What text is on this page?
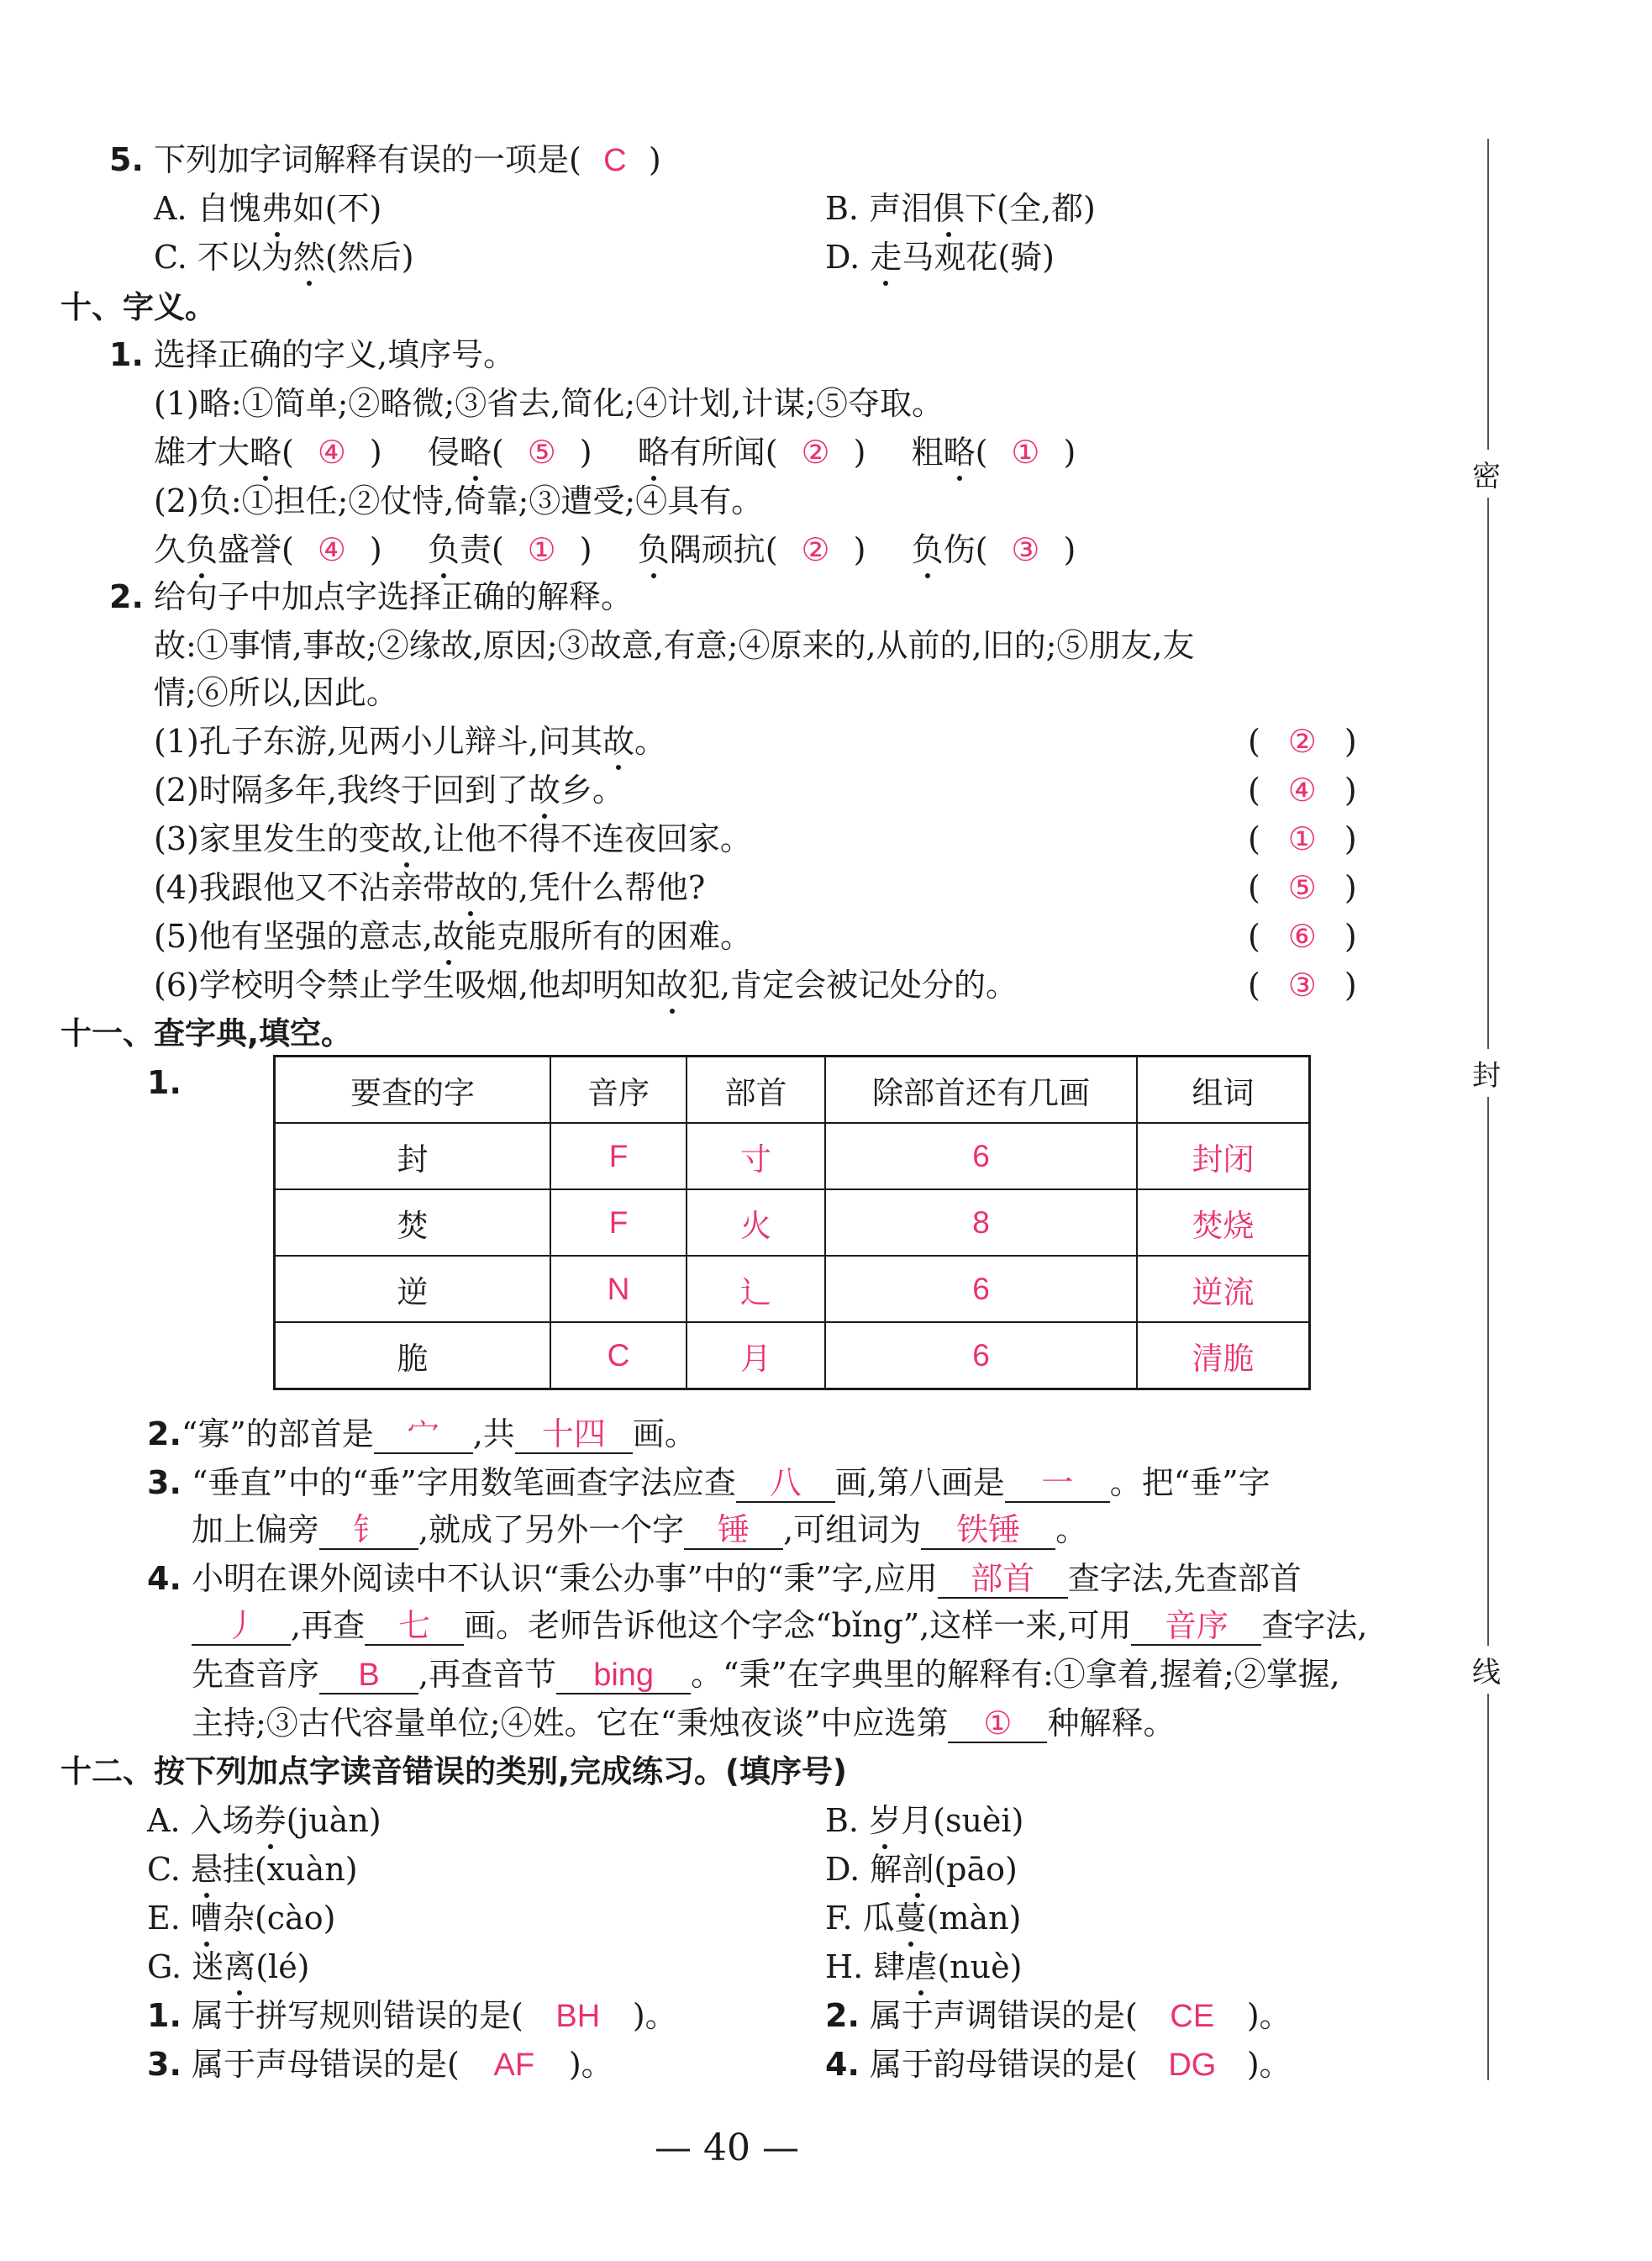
密
封
线
5. 下列加字词解释有误的一项是( C )
A. 自愧弗如(不)	B. 声泪俱下(全,都)
C. 不以为然(然后)	D. 走马观花(骑)
十、字义。
1. 选择正确的字义,填序号。
(1)略:①简单;②略微;③省去,简化;④计划,计谋;⑤夺取。
雄才大略( ④ ) 侵略( ⑤ ) 略有所闻( ② ) 粗略( ① )
(2)负:①担任;②仗恃,倚靠;③遭受;④具有。
久负盛誉( ④ ) 负责( ① ) 负隅顽抗( ② ) 负伤( ③ )
2. 给句子中加点字选择正确的解释。
故:①事情,事故;②缘故,原因;③故意,有意;④原来的,从前的,旧的;⑤朋友,友
情;⑥所以,因此。
(1)孔子东游,见两小儿辩斗,问其故。	( ② )
(2)时隔多年,我终于回到了故乡。	( ④ )
(3)家里发生的变故,让他不得不连夜回家。	( ① )
(4)我跟他又不沾亲带故的,凭什么帮他?	( ⑤ )
(5)他有坚强的意志,故能克服所有的困难。	( ⑥ )
(6)学校明令禁止学生吸烟,他却明知故犯,肯定会被记处分的。	( ③ )
十一、查字典,填空。
1.	要查的字	音序	部首	除部首还有几画	组词
封	F	寸	6	封闭
焚	F	火	8	焚烧
逆	N	辶	6	逆流
脆	C	月	6	清脆
2.“寡”的部首是 宀 ,共 十四 画。
3. “垂直”中的“垂”字用数笔画查字法应查 八 画,第八画是 一 。把“垂”字
加上偏旁 钅 ,就成了另外一个字 锤 ,可组词为 铁锤 。
4. 小明在课外阅读中不认识“秉公办事”中的“秉”字,应用 部首 查字法,先查部首
丿 ,再查 七 画。老师告诉他这个字念“bǐng”,这样一来,可用 音序 查字法,
先查音序 B ,再查音节 bing 。“秉”在字典里的解释有:①拿着,握着;②掌握,
主持;③古代容量单位;④姓。它在“秉烛夜谈”中应选第 ① 种解释。
十二、按下列加点字读音错误的类别,完成练习。(填序号)
A. 入场券(juàn)	B. 岁月(suèi)
C. 悬挂(xuàn)	D. 解剖(pāo)
E. 嘈杂(cào)	F. 瓜蔓(màn)
G. 迷离(lé)	H. 肆虐(nuè)
1. 属于拼写规则错误的是( BH )。	2. 属于声调错误的是( CE )。
3. 属于声母错误的是( AF )。	4. 属于韵母错误的是( DG )。
— 40 —
